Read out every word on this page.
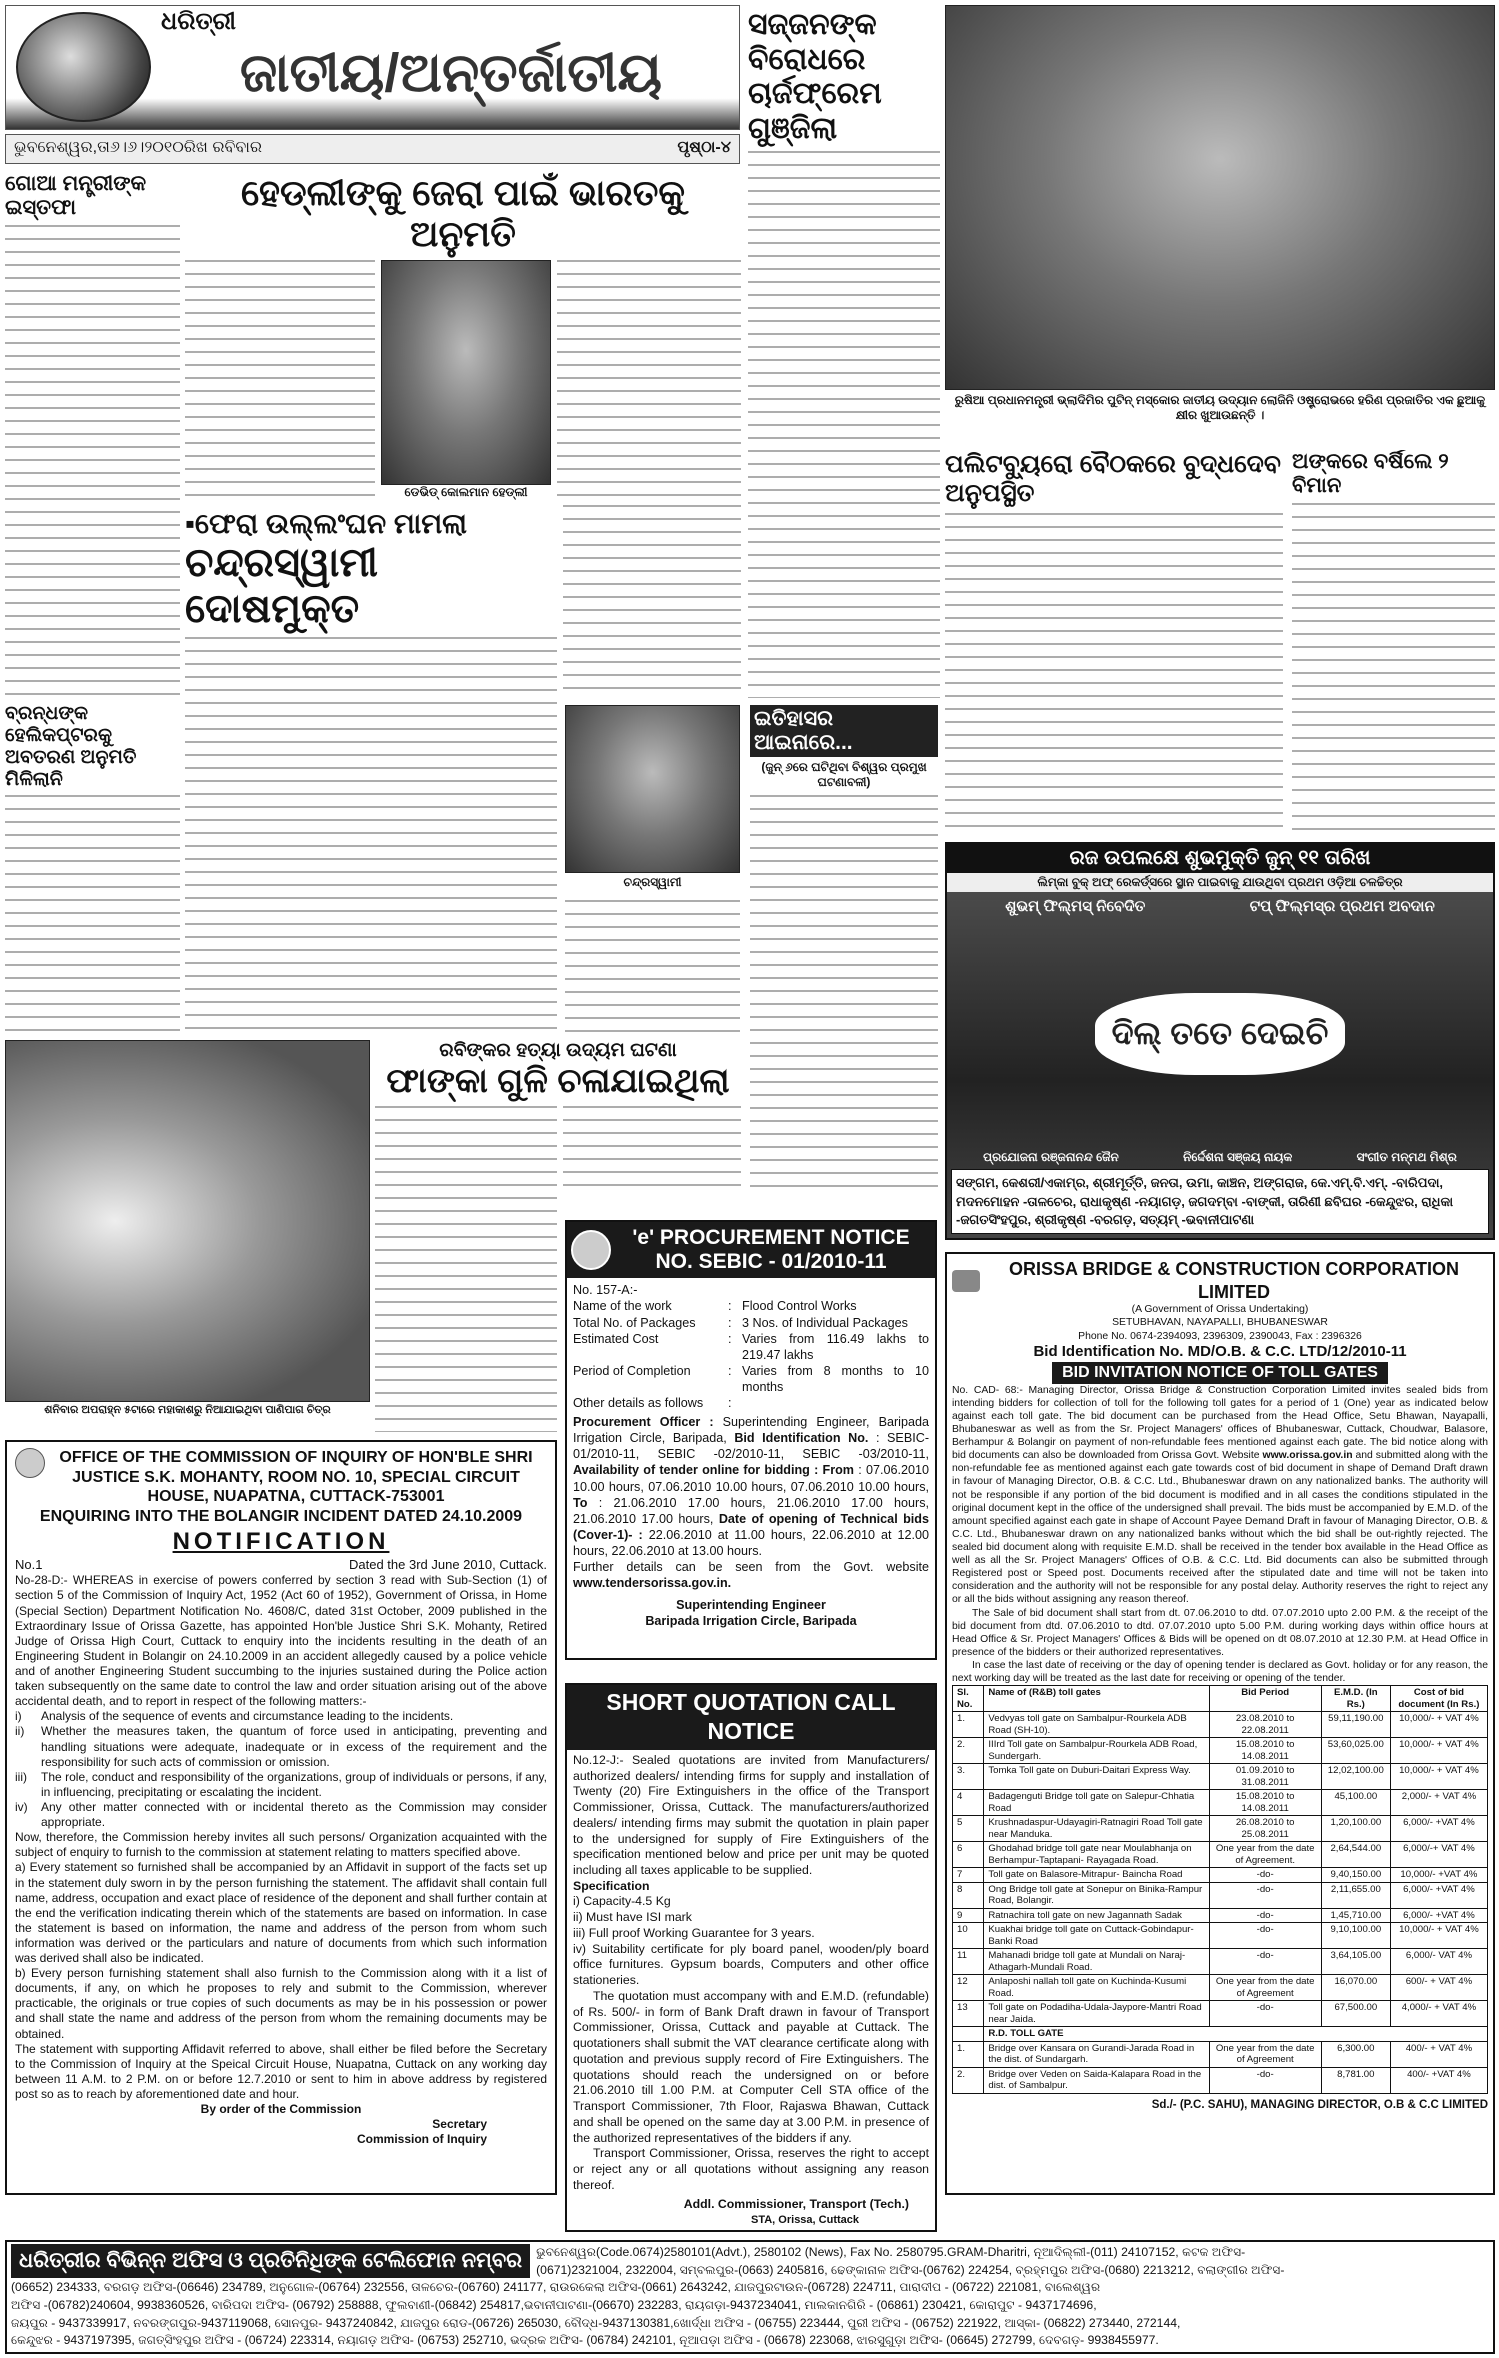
ଧରିତ୍ରୀ
ଜାତୀୟ/ଅନ୍ତର୍ଜାତୀୟ
ଭୁବନେଶ୍ୱର,ତା୬।୬।୨୦୧୦ରିଖ ରବିବାର	ପୃଷ୍ଠା-୪
ସଜ୍ଜନଙ୍କ ବିରୋଧରେ ଚାର୍ଜଫ୍ରେମ ଗୁଞ୍ଜିଲା
ରୁଷିଆ ପ୍ରଧାନମନ୍ତ୍ରୀ ଭ୍ଲାଦିମିର ପୁଟିନ୍ ମସ୍କୋର ଜାତୀୟ ଉଦ୍ୟାନ ଲୋଜିନି ଓଷ୍ଟ୍ରୋଭରେ ହରିଣ ପ୍ରଜାତିର ଏକ ଛୁଆକୁ କ୍ଷୀର ଖୁଆଉଛନ୍ତି ।
ଗୋଆ ମନ୍ତ୍ରୀଙ୍କ ଇସ୍ତଫା	ହେଡ୍ଲୀଙ୍କୁ ଜେରା ପାଇଁ ଭାରତକୁ ଅନୁମତି
ଡେଭିଡ୍ କୋଲମାନ ହେଡ୍ଲୀ
ବ୍ରନ୍ଧଙ୍କ ହେଲିକପ୍ଟରକୁ ଅବତରଣ ଅନୁମତି ମିଳିଲାନି
▪ଫେରା ଉଲ୍ଲଂଘନ ମାମଲା
ଚନ୍ଦ୍ରସ୍ୱାମୀ ଦୋଷମୁକ୍ତ
ଚନ୍ଦ୍ରସ୍ୱାମୀ
ଇତିହାସର ଆଇନାରେ...
(ଜୁନ୍ ୬ରେ ଘଟିଥିବା ବିଶ୍ୱର ପ୍ରମୁଖ ଘଟଣାବଳୀ)
ପଲିଟବ୍ୟୁରୋ ବୈଠକରେ ବୁଦ୍ଧଦେବ ଅନୁପସ୍ଥିତ
ଅଙ୍କରେ ବର୍ଷିଲେ ୨ ବିମାନ
ରଜ ଉପଲକ୍ଷେ ଶୁଭମୁକ୍ତି ଜୁନ୍ ୧୧ ତାରିଖ
ଲିମ୍କା ବୁକ୍ ଅଫ୍ ରେକର୍ଡ୍ସରେ ସ୍ଥାନ ପାଇବାକୁ ଯାଉଥିବା ପ୍ରଥମ ଓଡ଼ିଆ ଚଳଚ୍ଚିତ୍ର
ଶୁଭମ୍ ଫିଲ୍ମସ୍ ନିବେଦିତ	ଟପ୍ ଫିଲ୍ମସ୍‌ର ପ୍ରଥମ ଅବଦାନ
ଦିଲ୍ ତତେ ଦେଇଚି
ପ୍ରଯୋଜନା ରଞ୍ଜନାନନ୍ଦ ଜୈନ	ନିର୍ଦ୍ଦେଶନା ସଞ୍ଜୟ ନାୟକ	ସଂଗୀତ ମନ୍ମଥ ମିଶ୍ର
ସଙ୍ଗମ, କେଶରୀ/ଏକାମ୍ର, ଶ୍ରୀମୂର୍ତ୍ତି, ଜନତା, ଉମା, କାଞ୍ଚନ, ଅଙ୍ଗରାଜ, କେ.ଏମ୍.ବି.ଏମ୍. -ବାରିପଦା, ମଦନମୋହନ -ତାଳଚେର, ରାଧାକୃଷ୍ଣ -ନୟାଗଡ଼, ଜଗଦମ୍ବା -ବାଙ୍କୀ, ତାରିଣୀ ଛବିଘର -କେନ୍ଦୁଝର, ରାଧିକା -ଜଗତସିଂହପୁର, ଶ୍ରୀକୃଷ୍ଣ -ବରଗଡ଼, ସତ୍ୟମ୍ -ଭବାନୀପାଟଣା
ଶନିବାର ଅପରାହ୍ନ ୫ଟାରେ ମହାକାଶରୁ ନିଆଯାଇଥିବା ପାଣିପାଗ ଚିତ୍ର
ରବିଙ୍କର ହତ୍ୟା ଉଦ୍ୟମ ଘଟଣା
ଫାଙ୍କା ଗୁଳି ଚଳାଯାଇଥିଲା
'e' PROCUREMENT NOTICE
NO. SEBIC - 01/2010-11
No. 157-A:-
Name of the work	: Flood Control Works
Total No. of Packages	: 3 Nos. of Individual Packages
Estimated Cost	: Varies from 116.49 lakhs to 219.47 lakhs
Period of Completion	: Varies from 8 months to 10 months
Other details as follows	:
Procurement Officer : Superintending Engineer, Baripada Irrigation Circle, Baripada, Bid Identification No. : SEBIC-01/2010-11, SEBIC -02/2010-11, SEBIC -03/2010-11, Availability of tender online for bidding : From : 07.06.2010 10.00 hours, 07.06.2010 10.00 hours, 07.06.2010 10.00 hours, To : 21.06.2010 17.00 hours, 21.06.2010 17.00 hours, 21.06.2010 17.00 hours, Date of opening of Technical bids (Cover-1)- : 22.06.2010 at 11.00 hours, 22.06.2010 at 12.00 hours, 22.06.2010 at 13.00 hours.
Further details can be seen from the Govt. website www.tendersorissa.gov.in.
Superintending Engineer
Baripada Irrigation Circle, Baripada
SHORT QUOTATION CALL NOTICE
No.12-J:- Sealed quotations are invited from Manufacturers/ authorized dealers/ intending firms for supply and installation of Twenty (20) Fire Extinguishers in the office of the Transport Commissioner, Orissa, Cuttack. The manufacturers/authorized dealers/ intending firms may submit the quotation in plain paper to the undersigned for supply of Fire Extinguishers of the specification mentioned below and price per unit may be quoted including all taxes applicable to be supplied.
Specification
i) Capacity-4.5 Kg
ii) Must have ISI mark
iii) Full proof Working Guarantee for 3 years.
iv) Suitability certificate for ply board panel, wooden/ply board office furnitures. Gypsum boards, Computers and other office stationeries.
The quotation must accompany with and E.M.D. (refundable) of Rs. 500/- in form of Bank Draft drawn in favour of Transport Commissioner, Orissa, Cuttack and payable at Cuttack. The quotationers shall submit the VAT clearance certificate along with quotation and previous supply record of Fire Extinguishers. The quotations should reach the undersigned on or before 21.06.2010 till 1.00 P.M. at Computer Cell STA office of the Transport Commissioner, 7th Floor, Rajaswa Bhawan, Cuttack and shall be opened on the same day at 3.00 P.M. in presence of the authorized representatives of the bidders if any.
Transport Commissioner, Orissa, reserves the right to accept or reject any or all quotations without assigning any reason thereof.
Addl. Commissioner, Transport (Tech.)
STA, Orissa, Cuttack
OFFICE OF THE COMMISSION OF INQUIRY OF HON'BLE SHRI JUSTICE S.K. MOHANTY, ROOM NO. 10, SPECIAL CIRCUIT HOUSE, NUAPATNA, CUTTACK-753001
ENQUIRING INTO THE BOLANGIR INCIDENT DATED 24.10.2009
NOTIFICATION
No.1	Dated the 3rd June 2010, Cuttack.
No-28-D:- WHEREAS in exercise of powers conferred by section 3 read with Sub-Section (1) of section 5 of the Commission of Inquiry Act, 1952 (Act 60 of 1952), Government of Orissa, in Home (Special Section) Department Notification No. 4608/C, dated 31st October, 2009 published in the Extraordinary Issue of Orissa Gazette, has appointed Hon'ble Justice Shri S.K. Mohanty, Retired Judge of Orissa High Court, Cuttack to enquiry into the incidents resulting in the death of an Engineering Student in Bolangir on 24.10.2009 in an accident allegedly caused by a police vehicle and of another Engineering Student succumbing to the injuries sustained during the Police action taken subsequently on the same date to control the law and order situation arising out of the above accidental death, and to report in respect of the following matters:-
i)	Analysis of the sequence of events and circumstance leading to the incidents.
ii)	Whether the measures taken, the quantum of force used in anticipating, preventing and handling situations were adequate, inadequate or in excess of the requirement and the responsibility for such acts of commission or omission.
iii)	The role, conduct and responsibility of the organizations, group of individuals or persons, if any, in influencing, precipitating or escalating the incident.
iv)	Any other matter connected with or incidental thereto as the Commission may consider appropriate.
Now, therefore, the Commission hereby invites all such persons/ Organization acquainted with the subject of enquiry to furnish to the commission at statement relating to matters specified above.
a) Every statement so furnished shall be accompanied by an Affidavit in support of the facts set up in the statement duly sworn in by the person furnishing the statement. The affidavit shall contain full name, address, occupation and exact place of residence of the deponent and shall further contain at the end the verification indicating therein which of the statements are based on information. In case the statement is based on information, the name and address of the person from whom such information was derived or the particulars and nature of documents from which such information was derived shall also be indicated.
b) Every person furnishing statement shall also furnish to the Commission along with it a list of documents, if any, on which he proposes to rely and submit to the Commission, wherever practicable, the originals or true copies of such documents as may be in his possession or power and shall state the name and address of the person from whom the remaining documents may be obtained.
The statement with supporting Affidavit referred to above, shall either be filed before the Secretary to the Commission of Inquiry at the Speical Circuit House, Nuapatna, Cuttack on any working day between 11 A.M. to 2 P.M. on or before 12.7.2010 or sent to him in above address by registered post so as to reach by aforementioned date and hour.
By order of the Commission
Secretary
Commission of Inquiry
ORISSA BRIDGE & CONSTRUCTION CORPORATION LIMITED
(A Government of Orissa Undertaking)
SETUBHAVAN, NAYAPALLI, BHUBANESWAR
Phone No. 0674-2394093, 2396309, 2390043, Fax : 2396326
Bid Identification No. MD/O.B. & C.C. LTD/12/2010-11
BID INVITATION NOTICE OF TOLL GATES
No. CAD- 68:- Managing Director, Orissa Bridge & Construction Corporation Limited invites sealed bids from intending bidders for collection of toll for the following toll gates for a period of 1 (One) year as indicated below against each toll gate. The bid document can be purchased from the Head Office, Setu Bhawan, Nayapalli, Bhubaneswar as well as from the Sr. Project Managers' offices of Bhubaneswar, Cuttack, Choudwar, Balasore, Berhampur & Bolangir on payment of non-refundable fees mentioned against each gate. The bid notice along with bid documents can also be downloaded from Orissa Govt. Website www.orissa.gov.in and submitted along with the non-refundable fee as mentioned against each gate towards cost of bid document in shape of Demand Draft drawn in favour of Managing Director, O.B. & C.C. Ltd., Bhubaneswar drawn on any nationalized banks. The authority will not be responsible if any portion of the bid document is modified and in all cases the conditions stipulated in the original document kept in the office of the undersigned shall prevail. The bids must be accompanied by E.M.D. of the amount specified against each gate in shape of Account Payee Demand Draft in favour of Managing Director, O.B. & C.C. Ltd., Bhubaneswar drawn on any nationalized banks without which the bid shall be out-rightly rejected. The sealed bid document along with requisite E.M.D. shall be received in the tender box available in the Head Office as well as all the Sr. Project Managers' Offices of O.B. & C.C. Ltd. Bid documents can also be submitted through Registered post or Speed post. Documents received after the stipulated date and time will not be taken into consideration and the authority will not be responsible for any postal delay. Authority reserves the right to reject any or all the bids without assigning any reason thereof.
The Sale of bid document shall start from dt. 07.06.2010 to dtd. 07.07.2010 upto 2.00 P.M. & the receipt of the bid document from dtd. 07.06.2010 to dtd. 07.07.2010 upto 5.00 P.M. during working days within office hours at Head Office & Sr. Project Managers' Offices & Bids will be opened on dt 08.07.2010 at 12.30 P.M. at Head Office in presence of the bidders or their authorized representatives.
In case the last date of receiving or the day of opening tender is declared as Govt. holiday or for any reason, the next working day will be treated as the last date for receiving or opening of the tender.
Sl. No.	Name of (R&B) toll gates	Bid Period	E.M.D. (In Rs.)	Cost of bid document (In Rs.)
1.	Vedvyas toll gate on Sambalpur-Rourkela ADB Road (SH-10).	23.08.2010 to 22.08.2011	59,11,190.00	10,000/- + VAT 4%
2.	IIIrd Toll gate on Sambalpur-Rourkela ADB Road, Sundergarh.	15.08.2010 to 14.08.2011	53,60,025.00	10,000/- + VAT 4%
3.	Tomka Toll gate on Duburi-Daitari Express Way.	01.09.2010 to 31.08.2011	12,02,100.00	10,000/- + VAT 4%
4	Badagenguti Bridge toll gate on Salepur-Chhatia Road	15.08.2010 to 14.08.2011	45,100.00	2,000/- + VAT 4%
5	Krushnadaspur-Udayagiri-Ratnagiri Road Toll gate near Manduka.	26.08.2010 to 25.08.2011	1,20,100.00	6,000/- +VAT 4%
6	Ghodahad bridge toll gate near Moulabhanja on Berhampur-Taptapani- Rayagada Road.	One year from the date of Agreement.	2,64,544.00	6,000/-+ VAT 4%
7	Toll gate on Balasore-Mitrapur- Baincha Road	-do-	9,40,150.00	10,000/- +VAT 4%
8	Ong Bridge toll gate at Sonepur on Binika-Rampur Road, Bolangir.	-do-	2,11,655.00	6,000/- +VAT 4%
9	Ratnachira toll gate on new Jagannath Sadak	-do-	1,45,710.00	6,000/- +VAT 4%
10	Kuakhai bridge toll gate on Cuttack-Gobindapur-Banki Road	-do-	9,10,100.00	10,000/- + VAT 4%
11	Mahanadi bridge toll gate at Mundali on Naraj-Athagarh-Mundali Road.	-do-	3,64,105.00	6,000/- VAT 4%
12	Anlaposhi nallah toll gate on Kuchinda-Kusumi Road.	One year from the date of Agreement	16,070.00	600/- + VAT 4%
13	Toll gate on Podadiha-Udala-Jaypore-Mantri Road near Jaida.	-do-	67,500.00	4,000/- + VAT 4%
	R.D. TOLL GATE			
1.	Bridge over Kansara on Gurandi-Jarada Road in the dist. of Sundargarh.	One year from the date of Agreement	6,300.00	400/- + VAT 4%
2.	Bridge over Veden on Saida-Kalapara Road in the dist. of Sambalpur.	-do-	8,781.00	400/- +VAT 4%
Sd./- (P.C. SAHU), MANAGING DIRECTOR, O.B & C.C LIMITED
ଧରିତ୍ରୀର ବିଭିନ୍ନ ଅଫିସ ଓ ପ୍ରତିନିଧିଙ୍କ ଟେଲିଫୋନ ନମ୍ବର	ଭୁବନେଶ୍ୱର(Code.0674)2580101(Advt.), 2580102 (News), Fax No. 2580795.GRAM-Dharitri, ନୂଆଦିଲ୍ଲୀ-(011) 24107152, କଟକ ଅଫିସ-
(0671)2321004, 2322004, ସମ୍ବଲପୁର-(0663) 2405816, ଢେଙ୍କାନାଳ ଅଫିସ-(06762) 224254, ବ୍ରହ୍ମପୁର ଅଫିସ-(0680) 2213212, ବଲାଙ୍ଗୀର ଅଫିସ-
(06652) 234333, ବରଗଡ଼ ଅଫିସ-(06646) 234789, ଅନୁଗୋଳ-(06764) 232556, ତାଳଚେର-(06760) 241177, ରାଉରକେଲା ଅଫିସ-(0661) 2643242, ଯାଜପୁରଟାଉନ-(06728) 224711, ପାରାଦୀପ - (06722) 221081, ବାଲେଶ୍ୱର
ଅଫିସ -(06782)240604, 9938360526, ବାରିପଦା ଅଫିସ- (06792) 258888, ଫୁଲବାଣୀ-(06842) 254817,ଭବାନୀପାଟଣା-(06670) 232283, ରାୟଗଡ଼ା-9437234041, ମାଲକାନଗିରି - (06861) 230421, କୋରାପୁଟ - 9437174696,
ଜୟପୁର - 9437339917, ନବରଙ୍ଗପୁର-9437119068, ସୋନପୁର- 9437240842, ଯାଜପୁର ରୋଡ-(06726) 265030, ବୌଦ୍ଧ-9437130381,ଖୋର୍ଦ୍ଧା ଅଫିସ - (06755) 223444, ପୁରୀ ଅଫିସ - (06752) 221922, ଆସ୍କା- (06822) 273440, 272144,
କେନ୍ଦୁଝର - 9437197395, ଜଗତ୍‌ସିଂହପୁର ଅଫିସ - (06724) 223314, ନୟାଗଡ଼ ଅଫିସ- (06753) 252710, ଭଦ୍ରକ ଅଫିସ- (06784) 242101, ନୂଆପଡ଼ା ଅଫିସ - (06678) 223068, ଝାରସୁଗୁଡ଼ା ଅଫିସ- (06645) 272799, ଦେବଗଡ଼- 9938455977.
